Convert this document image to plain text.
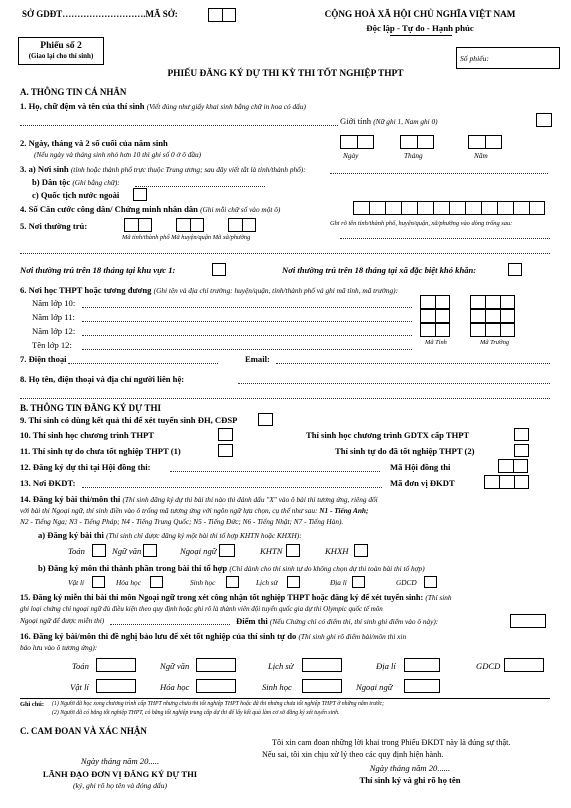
SỞ GDĐT……………………….MÃ SỞ:	CỘNG HOÀ XÃ HỘI CHỦ NGHĨA VIỆT NAM
Độc lập - Tự do - Hạnh phúc
Phiếu số 2
(Giao lại cho thí sinh)	Số phiếu:
PHIẾU ĐĂNG KÝ DỰ THI KỲ THI TỐT NGHIỆP THPT
A. THÔNG TIN CÁ NHÂN
1. Họ, chữ đệm và tên của thí sinh (Viết đúng như giấy khai sinh bằng chữ in hoa có dấu)
Giới tính (Nữ ghi 1, Nam ghi 0)
2. Ngày, tháng và 2 số cuối của năm sinh
(Nếu ngày và tháng sinh nhỏ hơn 10 thì ghi số 0 ở ô đầu)	Ngày	Tháng	Năm
3. a) Nơi sinh (tỉnh hoặc thành phố trực thuộc Trung ương; sau đây viết tắt là tỉnh/thành phố):
b) Dân tộc (Ghi bằng chữ):
c) Quốc tịch nước ngoài
4. Số Căn cước công dân/ Chứng minh nhân dân (Ghi mỗi chữ số vào một ô)
5. Nơi thường trú:	Ghi rõ tên tỉnh/thành phố, huyện/quận, xã/phường vào dòng trống sau:
Mã tỉnh/thành phố Mã huyện/quận Mã xã/phường
Nơi thường trú trên 18 tháng tại khu vực 1:	Nơi thường trú trên 18 tháng tại xã đặc biệt khó khăn:
6. Nơi học THPT hoặc tương đương (Ghi tên và địa chỉ trường: huyện/quận, tỉnh/thành phố và ghi mã tỉnh, mã trường):
Năm lớp 10:
Năm lớp 11:
Năm lớp 12:
Tên lớp 12:	Mã Tỉnh	Mã Trường
7. Điện thoại	Email:
8. Họ tên, điện thoại và địa chỉ người liên hệ:
B. THÔNG TIN ĐĂNG KÝ DỰ THI
9. Thí sinh có dùng kết quả thi để xét tuyển sinh ĐH, CĐSP
10. Thí sinh học chương trình THPT	Thí sinh học chương trình GDTX cấp THPT
11. Thí sinh tự do chưa tốt nghiệp THPT (1)	Thí sinh tự do đã tốt nghiệp THPT (2)
12. Đăng ký dự thi tại Hội đồng thi:	Mã Hội đồng thi
13. Nơi ĐKDT:	Mã đơn vị ĐKDT
14. Đăng ký bài thi/môn thi (Thí sinh đăng ký dự thi bài thi nào thì đánh dấu "X" vào ô bài thi tương ứng, riêng đối
với bài thi Ngoại ngữ, thí sinh điền vào ô trống mã tương ứng với ngôn ngữ lựa chọn, cụ thể như sau: N1 - Tiếng Anh;
N2 - Tiếng Nga; N3 - Tiếng Pháp; N4 - Tiếng Trung Quốc; N5 - Tiếng Đức; N6 - Tiếng Nhật; N7 - Tiếng Hàn).
a) Đăng ký bài thi (Thí sinh chỉ được đăng ký một bài thi tổ hợp KHTN hoặc KHXH):
Toán	Ngữ văn	Ngoại ngữ	KHTN	KHXH
b) Đăng ký môn thi thành phần trong bài thi tổ hợp (Chỉ dành cho thí sinh tự do không chọn dự thi toàn bài thi tổ hợp)
Vật lí	Hóa học	Sinh học	Lịch sử	Địa lí	GDCD
15. Đăng ký miễn thi bài thi môn Ngoại ngữ trong xét công nhận tốt nghiệp THPT hoặc đăng ký để xét tuyển sinh: (Thí sinh
ghi loại chứng chỉ ngoại ngữ đủ điều kiện theo quy định hoặc ghi rõ là thành viên đội tuyển quốc gia dự thi Olympic quốc tế môn
Ngoại ngữ để được miễn thi)	Điểm thi (Nếu Chứng chỉ có điểm thi, thí sinh ghi điểm vào ô này):
16. Đăng ký bài/môn thi đề nghị bảo lưu để xét tốt nghiệp của thí sinh tự do (Thí sinh ghi rõ điểm bài/môn thi xin
bảo lưu vào ô tương ứng):
Toán	Ngữ văn	Lịch sử	Địa lí	GDCD
Vật lí	Hóa học	Sinh học	Ngoại ngữ
Ghi chú: (1) Người đã học xong chương trình cấp THPT nhưng chưa thi tốt nghiệp THPT hoặc đã thi nhưng chưa tốt nghiệp THPT ở những năm trước;
(2) Người đã có bằng tốt nghiệp THPT, có bằng tốt nghiệp trung cấp dự thi để lấy kết quả làm cơ sở đăng ký xét tuyển sinh.
C. CAM ĐOAN VÀ XÁC NHẬN
Tôi xin cam đoan những lời khai trong Phiếu ĐKDT này là đúng sự thật.
Nếu sai, tôi xin chịu xử lý theo các quy định hiện hành.
Ngày tháng năm 20.....
LÃNH ĐẠO ĐƠN VỊ ĐĂNG KÝ DỰ THI
(ký, ghi rõ họ tên và đóng dấu)
Ngày tháng năm 20......
Thí sinh ký và ghi rõ họ tên
